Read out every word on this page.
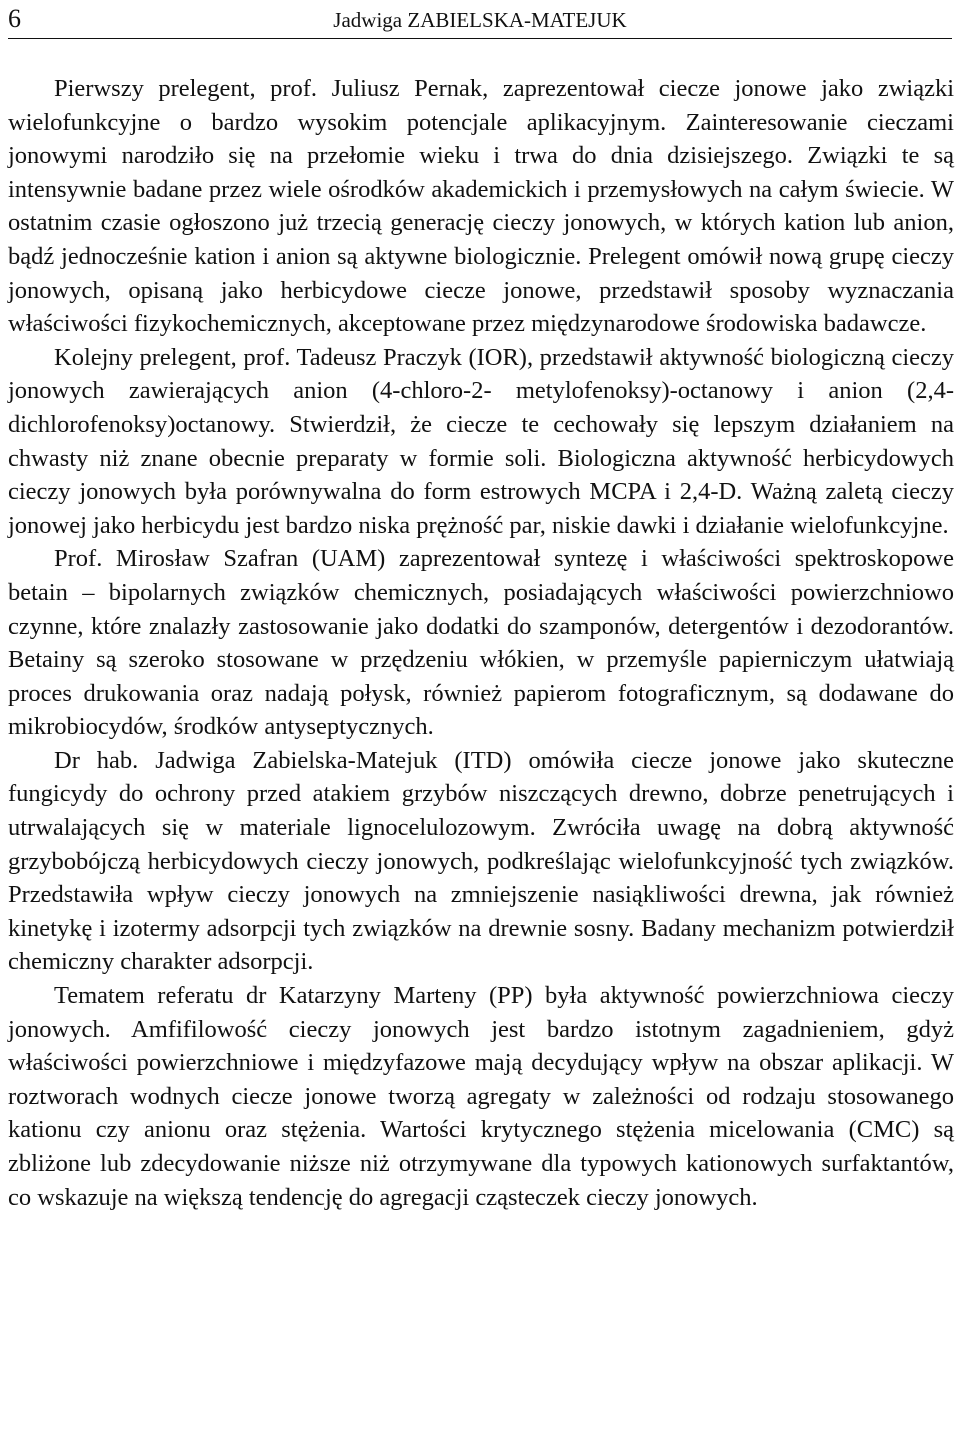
6	Jadwiga ZABIELSKA-MATEJUK

Pierwszy prelegent, prof. Juliusz Pernak, zaprezentował ciecze jonowe jako związki wielofunkcyjne o bardzo wysokim potencjale aplikacyjnym. Zainteresowanie cieczami jonowymi narodziło się na przełomie wieku i trwa do dnia dzisiejszego. Związki te są intensywnie badane przez wiele ośrodków akademickich i przemysłowych na całym świecie. W ostatnim czasie ogłoszono już trzecią generację cieczy jonowych, w których kation lub anion, bądź jednocześnie kation i anion są aktywne biologicznie. Prelegent omówił nową grupę cieczy jonowych, opisaną jako herbicydowe ciecze jonowe, przedstawił sposoby wyznaczania właściwości fizykochemicznych, akceptowane przez międzynarodowe środowiska badawcze.

Kolejny prelegent, prof. Tadeusz Praczyk (IOR), przedstawił aktywność biologiczną cieczy jonowych zawierających anion (4-chloro-2- metylofenoksy)-octanowy i anion (2,4-dichlorofenoksy)octanowy. Stwierdził, że ciecze te cechowały się lepszym działaniem na chwasty niż znane obecnie preparaty w formie soli. Biologiczna aktywność herbicydowych cieczy jonowych była porównywalna do form estrowych MCPA i 2,4-D. Ważną zaletą cieczy jonowej jako herbicydu jest bardzo niska prężność par, niskie dawki i działanie wielofunkcyjne.

Prof. Mirosław Szafran (UAM) zaprezentował syntezę i właściwości spektroskopowe betain – bipolarnych związków chemicznych, posiadających właściwości powierzchniowo czynne, które znalazły zastosowanie jako dodatki do szamponów, detergentów i dezodorantów. Betainy są szeroko stosowane w przędzeniu włókien, w przemyśle papierniczym ułatwiają proces drukowania oraz nadają połysk, również papierom fotograficznym, są dodawane do mikrobiocydów, środków antyseptycznych.

Dr hab. Jadwiga Zabielska-Matejuk (ITD) omówiła ciecze jonowe jako skuteczne fungicydy do ochrony przed atakiem grzybów niszczących drewno, dobrze penetrujących i utrwalających się w materiale lignocelulozowym. Zwróciła uwagę na dobrą aktywność grzybobójczą herbicydowych cieczy jonowych, podkreślając wielofunkcyjność tych związków. Przedstawiła wpływ cieczy jonowych na zmniejszenie nasiąkliwości drewna, jak również kinetykę i izotermy adsorpcji tych związków na drewnie sosny. Badany mechanizm potwierdził chemiczny charakter adsorpcji.

Tematem referatu dr Katarzyny Marteny (PP) była aktywność powierzchniowa cieczy jonowych. Amfifilowość cieczy jonowych jest bardzo istotnym zagadnieniem, gdyż właściwości powierzchniowe i międzyfazowe mają decydujący wpływ na obszar aplikacji. W roztworach wodnych ciecze jonowe tworzą agregaty w zależności od rodzaju stosowanego kationu czy anionu oraz stężenia. Wartości krytycznego stężenia micelowania (CMC) są zbliżone lub zdecydowanie niższe niż otrzymywane dla typowych kationowych surfaktantów, co wskazuje na większą tendencję do agregacji cząsteczek cieczy jonowych.
